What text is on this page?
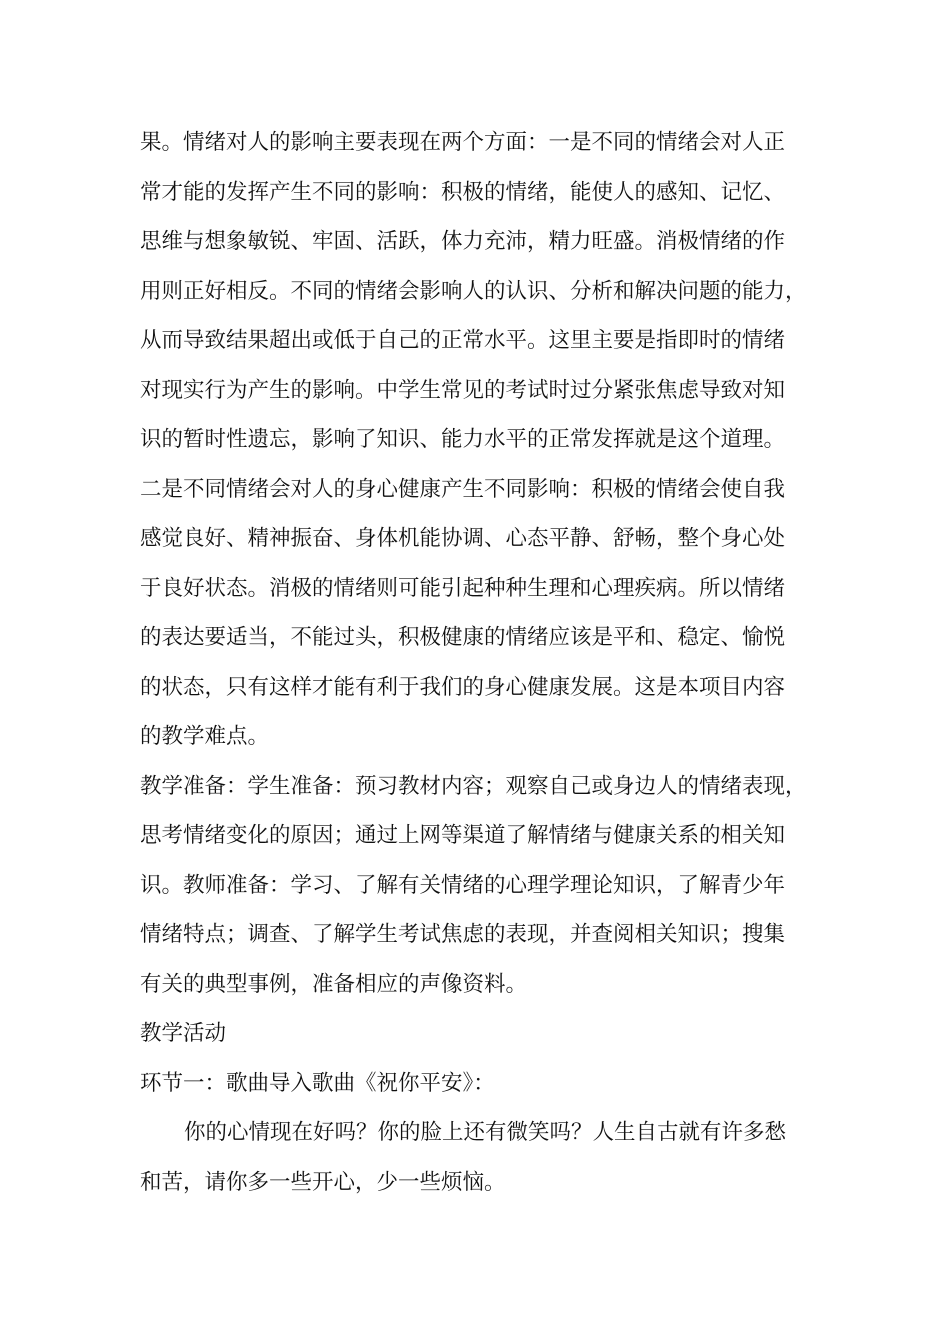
果。情绪对人的影响主要表现在两个方面：一是不同的情绪会对人正
常才能的发挥产生不同的影响：积极的情绪，能使人的感知、记忆、
思维与想象敏锐、牢固、活跃，体力充沛，精力旺盛。消极情绪的作
用则正好相反。不同的情绪会影响人的认识、分析和解决问题的能力，
从而导致结果超出或低于自己的正常水平。这里主要是指即时的情绪
对现实行为产生的影响。中学生常见的考试时过分紧张焦虑导致对知
识的暂时性遗忘，影响了知识、能力水平的正常发挥就是这个道理。
二是不同情绪会对人的身心健康产生不同影响：积极的情绪会使自我
感觉良好、精神振奋、身体机能协调、心态平静、舒畅，整个身心处
于良好状态。消极的情绪则可能引起种种生理和心理疾病。所以情绪
的表达要适当，不能过头，积极健康的情绪应该是平和、稳定、愉悦
的状态，只有这样才能有利于我们的身心健康发展。这是本项目内容
的教学难点。
教学准备：学生准备：预习教材内容；观察自己或身边人的情绪表现，
思考情绪变化的原因；通过上网等渠道了解情绪与健康关系的相关知
识。教师准备：学习、了解有关情绪的心理学理论知识，了解青少年
情绪特点；调查、了解学生考试焦虑的表现，并查阅相关知识；搜集
有关的典型事例，准备相应的声像资料。
教学活动
环节一：歌曲导入歌曲《祝你平安》：
你的心情现在好吗？你的脸上还有微笑吗？人生自古就有许多愁
和苦，请你多一些开心，少一些烦恼。
